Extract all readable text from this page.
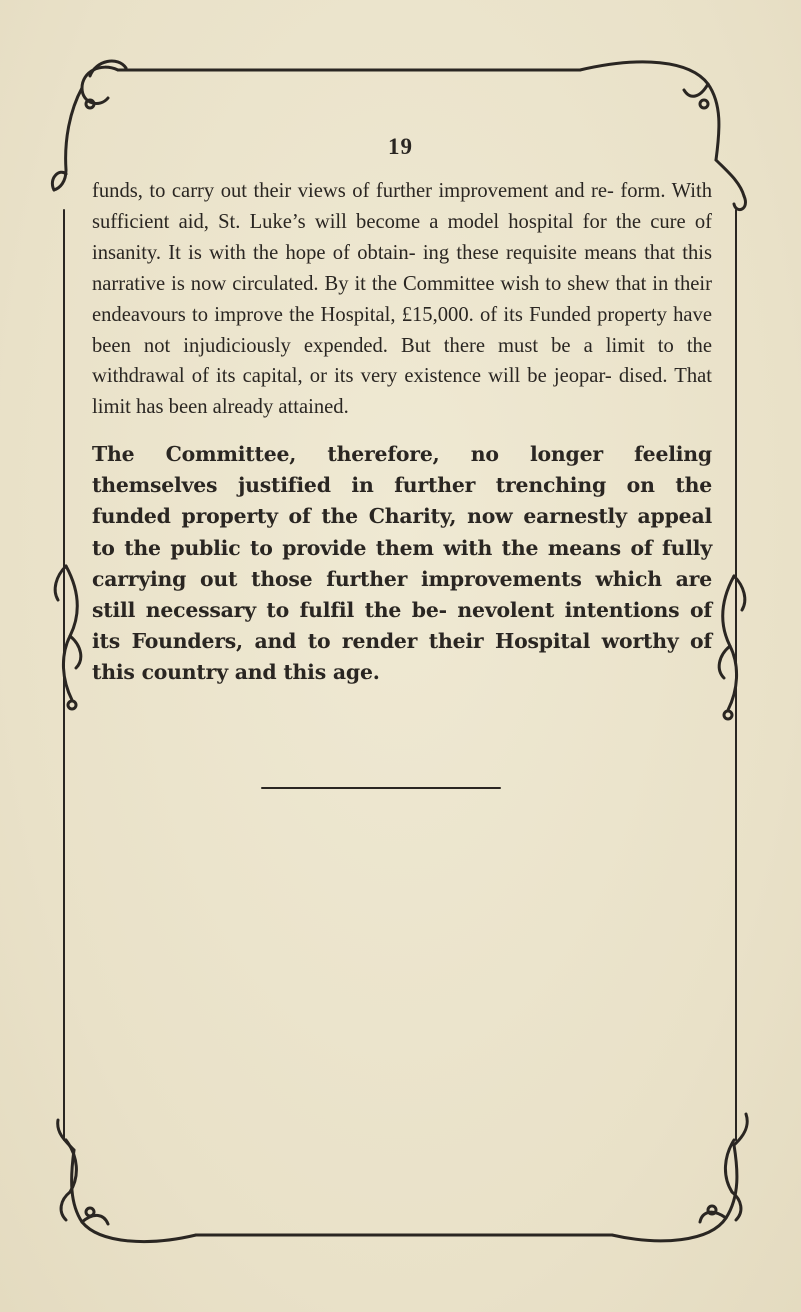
19

funds, to carry out their views of further improvement and re- form. With sufficient aid, St. Luke’s will become a model hospital for the cure of insanity. It is with the hope of obtain- ing these requisite means that this narrative is now circulated. By it the Committee wish to shew that in their endeavours to improve the Hospital, £15,000. of its Funded property have been not injudiciously expended. But there must be a limit to the withdrawal of its capital, or its very existence will be jeopar- dised. That limit has been already attained.

The Committee, therefore, no longer feeling themselves justified in further trenching on the funded property of the Charity, now earnestly appeal to the public to provide them with the means of fully carrying out those further improvements which are still necessary to fulfil the be- nevolent intentions of its Founders, and to render their Hospital worthy of this country and this age.
